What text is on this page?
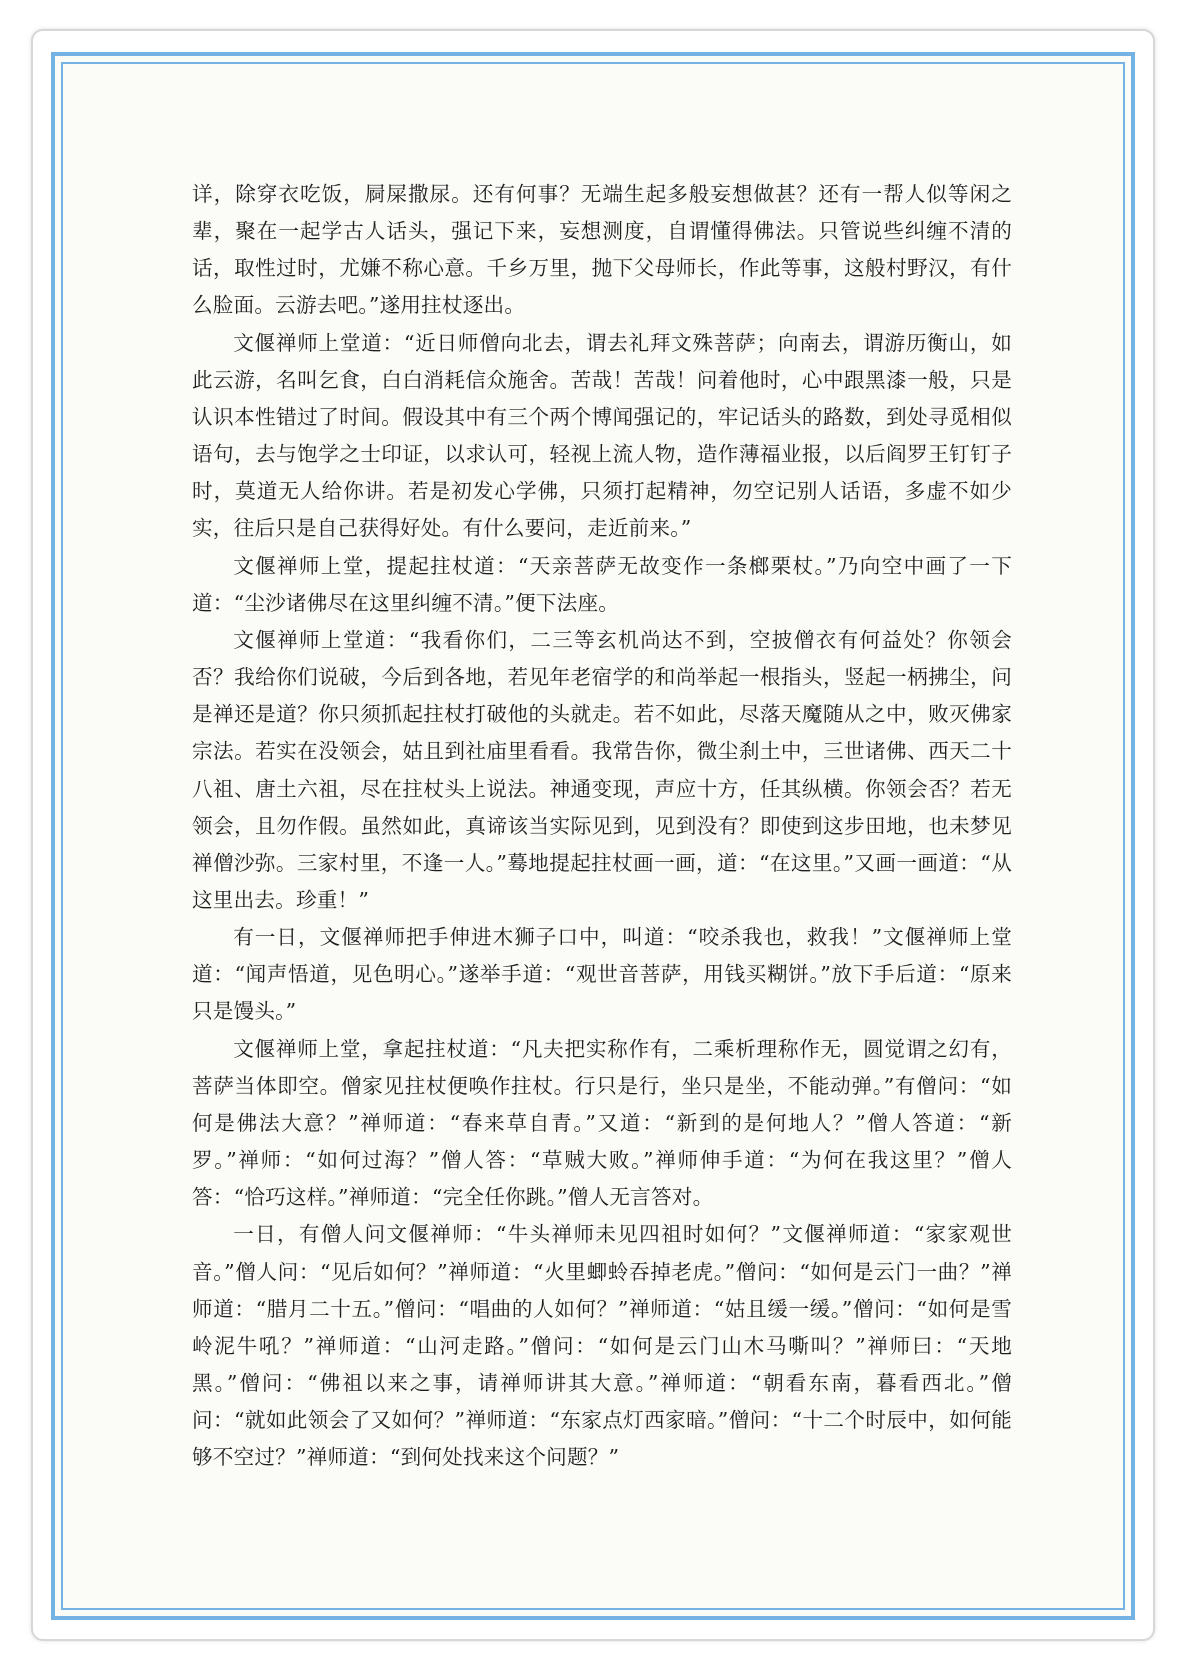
详，除穿衣吃饭，屙屎撒尿。还有何事？无端生起多般妄想做甚？还有一帮人似等闲之辈，聚在一起学古人话头，强记下来，妄想测度，自谓懂得佛法。只管说些纠缠不清的话，取性过时，尤嫌不称心意。千乡万里，抛下父母师长，作此等事，这般村野汉，有什么脸面。云游去吧。”遂用拄杖逐出。

文偃禅师上堂道：“近日师僧向北去，谓去礼拜文殊菩萨；向南去，谓游历衡山，如此云游，名叫乞食，白白消耗信众施舍。苦哉！苦哉！问着他时，心中跟黑漆一般，只是认识本性错过了时间。假设其中有三个两个博闻强记的，牢记话头的路数，到处寻觅相似语句，去与饱学之士印证，以求认可，轻视上流人物，造作薄福业报，以后阎罗王钉钉子时，莫道无人给你讲。若是初发心学佛，只须打起精神，勿空记别人话语，多虚不如少实，往后只是自己获得好处。有什么要问，走近前来。”

文偃禅师上堂，提起拄杖道：“天亲菩萨无故变作一条榔栗杖。”乃向空中画了一下道：“尘沙诸佛尽在这里纠缠不清。”便下法座。

文偃禅师上堂道：“我看你们，二三等玄机尚达不到，空披僧衣有何益处？你领会否？我给你们说破，今后到各地，若见年老宿学的和尚举起一根指头，竖起一柄拂尘，问是禅还是道？你只须抓起拄杖打破他的头就走。若不如此，尽落天魔随从之中，败灭佛家宗法。若实在没领会，姑且到社庙里看看。我常告你，微尘刹土中，三世诸佛、西天二十八祖、唐土六祖，尽在拄杖头上说法。神通变现，声应十方，任其纵横。你领会否？若无领会，且勿作假。虽然如此，真谛该当实际见到，见到没有？即使到这步田地，也未梦见禅僧沙弥。三家村里，不逢一人。”蓦地提起拄杖画一画，道：“在这里。”又画一画道：“从这里出去。珍重！”

有一日，文偃禅师把手伸进木狮子口中，叫道：“咬杀我也，救我！”文偃禅师上堂道：“闻声悟道，见色明心。”遂举手道：“观世音菩萨，用钱买糊饼。”放下手后道：“原来只是馒头。”

文偃禅师上堂，拿起拄杖道：“凡夫把实称作有，二乘析理称作无，圆觉谓之幻有，菩萨当体即空。僧家见拄杖便唤作拄杖。行只是行，坐只是坐，不能动弹。”有僧问：“如何是佛法大意？”禅师道：“春来草自青。”又道：“新到的是何地人？”僧人答道：“新罗。”禅师：“如何过海？”僧人答：“草贼大败。”禅师伸手道：“为何在我这里？”僧人答：“恰巧这样。”禅师道：“完全任你跳。”僧人无言答对。

一日，有僧人问文偃禅师：“牛头禅师未见四祖时如何？”文偃禅师道：“家家观世音。”僧人问：“见后如何？”禅师道：“火里蝍蛉吞掉老虎。”僧问：“如何是云门一曲？”禅师道：“腊月二十五。”僧问：“唱曲的人如何？”禅师道：“姑且缓一缓。”僧问：“如何是雪岭泥牛吼？”禅师道：“山河走路。”僧问：“如何是云门山木马嘶叫？”禅师曰：“天地黑。”僧问：“佛祖以来之事，请禅师讲其大意。”禅师道：“朝看东南，暮看西北。”僧问：“就如此领会了又如何？”禅师道：“东家点灯西家暗。”僧问：“十二个时辰中，如何能够不空过？”禅师道：“到何处找来这个问题？”
